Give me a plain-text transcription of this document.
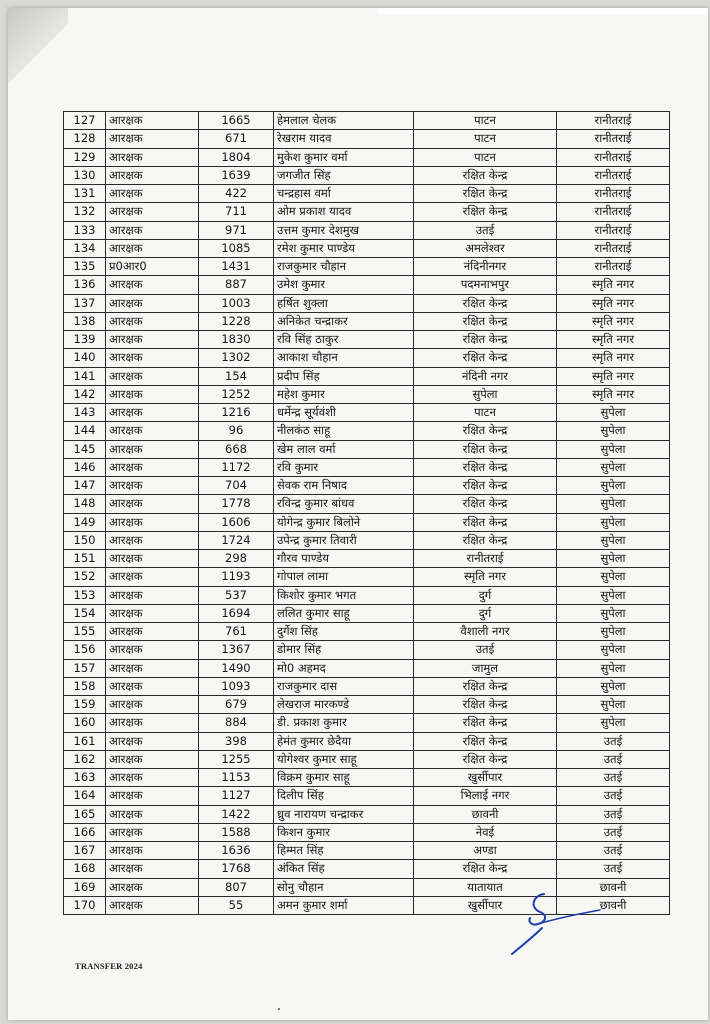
127	आरक्षक	1665	हेमलाल चेलक	पाटन	रानीतराई
128	आरक्षक	671	रेखराम यादव	पाटन	रानीतराई
129	आरक्षक	1804	मुकेश कुमार वर्मा	पाटन	रानीतराई
130	आरक्षक	1639	जगजीत सिंह	रक्षित केन्द्र	रानीतराई
131	आरक्षक	422	चन्द्रहास वर्मा	रक्षित केन्द्र	रानीतराई
132	आरक्षक	711	ओम प्रकाश यादव	रक्षित केन्द्र	रानीतराई
133	आरक्षक	971	उत्तम कुमार देशमुख	उतई	रानीतराई
134	आरक्षक	1085	रमेश कुमार पाण्डेय	अमलेश्वर	रानीतराई
135	प्र0आर0	1431	राजकुमार चौहान	नंदिनीनगर	रानीतराई
136	आरक्षक	887	उमेश कुमार	पदमनाभपुर	स्मृति नगर
137	आरक्षक	1003	हर्षित शुक्ला	रक्षित केन्द्र	स्मृति नगर
138	आरक्षक	1228	अनिकेत चन्द्राकर	रक्षित केन्द्र	स्मृति नगर
139	आरक्षक	1830	रवि सिंह ठाकुर	रक्षित केन्द्र	स्मृति नगर
140	आरक्षक	1302	आकाश चौहान	रक्षित केन्द्र	स्मृति नगर
141	आरक्षक	154	प्रदीप सिंह	नंदिनी नगर	स्मृति नगर
142	आरक्षक	1252	महेश कुमार	सुपेला	स्मृति नगर
143	आरक्षक	1216	धर्मेन्द्र सूर्यवंशी	पाटन	सुपेला
144	आरक्षक	96	नीलकंठ साहू	रक्षित केन्द्र	सुपेला
145	आरक्षक	668	खेम लाल वर्मा	रक्षित केन्द्र	सुपेला
146	आरक्षक	1172	रवि कुमार	रक्षित केन्द्र	सुपेला
147	आरक्षक	704	सेवक राम निषाद	रक्षित केन्द्र	सुपेला
148	आरक्षक	1778	रविन्द्र कुमार बांधव	रक्षित केन्द्र	सुपेला
149	आरक्षक	1606	योगेन्द्र कुमार बिलोने	रक्षित केन्द्र	सुपेला
150	आरक्षक	1724	उपेन्द्र कुमार तिवारी	रक्षित केन्द्र	सुपेला
151	आरक्षक	298	गौरव पाण्डेय	रानीतराई	सुपेला
152	आरक्षक	1193	गोपाल लामा	स्मृति नगर	सुपेला
153	आरक्षक	537	किशोर कुमार भगत	दुर्ग	सुपेला
154	आरक्षक	1694	ललित कुमार साहू	दुर्ग	सुपेला
155	आरक्षक	761	दुर्गेश सिंह	वैशाली नगर	सुपेला
156	आरक्षक	1367	डोमार सिंह	उतई	सुपेला
157	आरक्षक	1490	मो0 अहमद	जामुल	सुपेला
158	आरक्षक	1093	राजकुमार दास	रक्षित केन्द्र	सुपेला
159	आरक्षक	679	लेखराज मारकण्डे	रक्षित केन्द्र	सुपेला
160	आरक्षक	884	डी. प्रकाश कुमार	रक्षित केन्द्र	सुपेला
161	आरक्षक	398	हेमंत कुमार छेदैया	रक्षित केन्द्र	उतई
162	आरक्षक	1255	योगेश्वर कुमार साहू	रक्षित केन्द्र	उतई
163	आरक्षक	1153	विक्रम कुमार साहू	खुर्सीपार	उतई
164	आरक्षक	1127	दिलीप सिंह	भिलाई नगर	उतई
165	आरक्षक	1422	ध्रुव नारायण चन्द्राकर	छावनी	उतई
166	आरक्षक	1588	किशन कुमार	नेवई	उतई
167	आरक्षक	1636	हिम्मत सिंह	अण्डा	उतई
168	आरक्षक	1768	अंकित सिंह	रक्षित केन्द्र	उतई
169	आरक्षक	807	सोनु चौहान	यातायात	छावनी
170	आरक्षक	55	अमन कुमार शर्मा	खुर्सीपार	छावनी
TRANSFER 2024
